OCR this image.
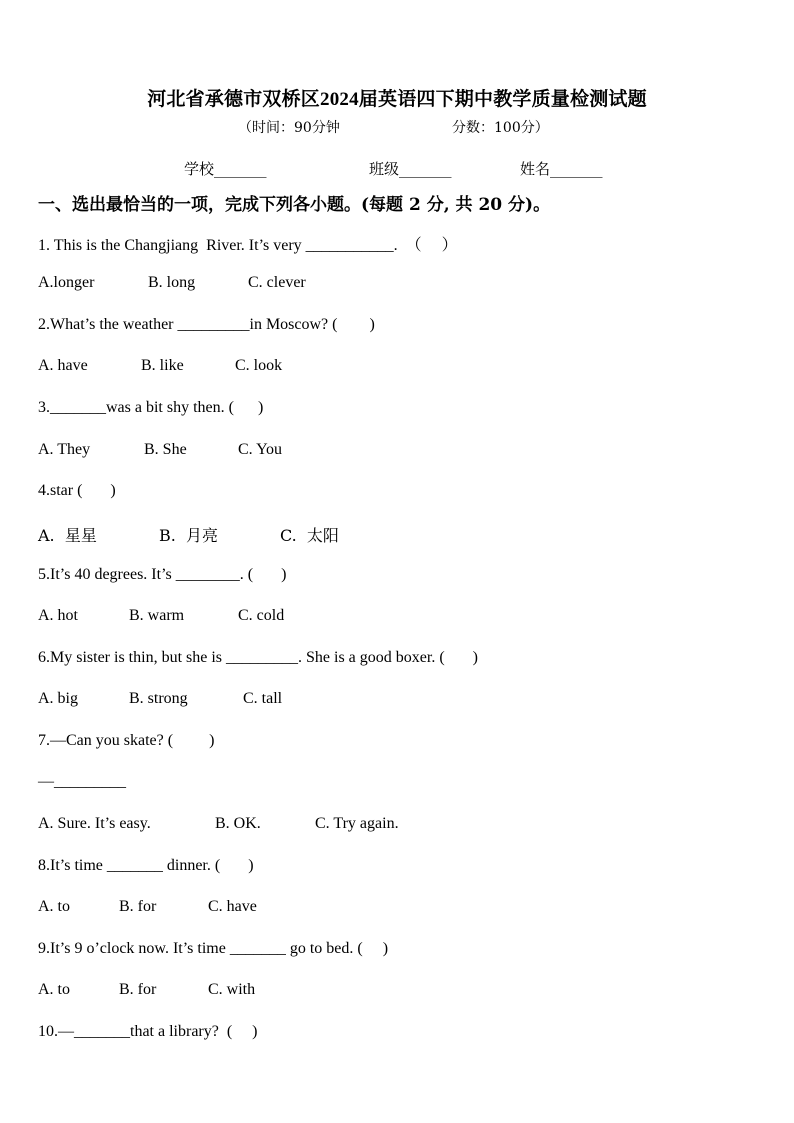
河北省承德市双桥区2024届英语四下期中教学质量检测试题
（时间：90分钟	分数：100分）
学校_______	班级_______	姓名_______
一、选出最恰当的一项，完成下列各小题。(每题 2 分, 共 20 分)。
1. This is the Changjiang  River. It’s very ___________.  （     ）
A.longer	B. long	C. clever
2.What’s the weather _________in Moscow? (        )
A. have	B. like	C. look
3._______was a bit shy then. (      )
A. They	B. She	C. You
4.star (       )
A.  星星	B.  月亮	C.  太阳
5.It’s 40 degrees. It’s ________. (       )
A. hot	B. warm	C. cold
6.My sister is thin, but she is _________. She is a good boxer. (       )
A. big	B. strong	C. tall
7.—Can you skate? (         )
—_________
A. Sure. It’s easy.	B. OK.	C. Try again.
8.It’s time _______ dinner. (       )
A. to	B. for	C. have
9.It’s 9 o’clock now. It’s time _______ go to bed. (     )
A. to	B. for	C. with
10.—_______that a library?  (     )
